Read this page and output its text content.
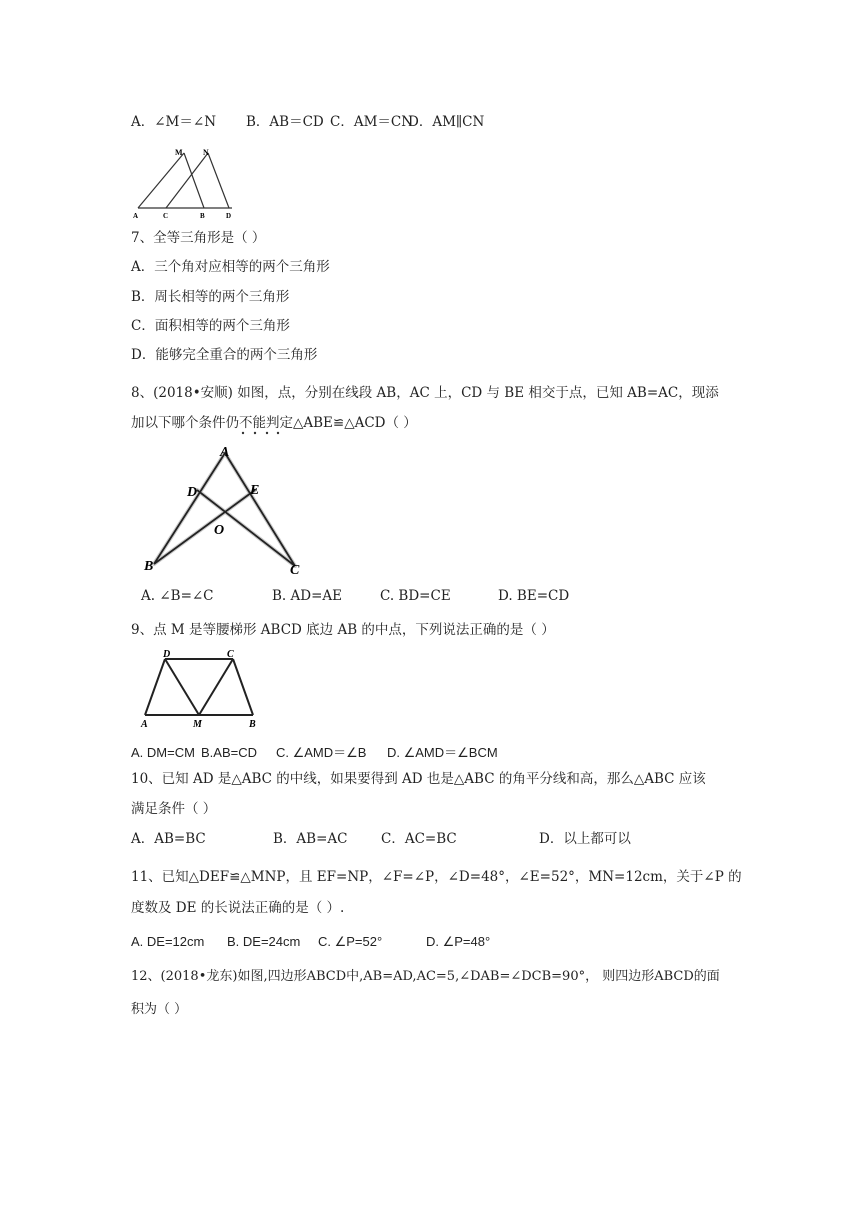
A．∠M＝∠N B．AB＝CD C．AM＝CND．AM∥CN
M	N
A	C	B	D
7、全等三角形是（ ）
A．三个角对应相等的两个三角形
B．周长相等的两个三角形
C．面积相等的两个三角形
D．能够完全重合的两个三角形
8、(2018•安顺) 如图，点，分别在线段 AB，AC 上，CD 与 BE 相交于点，已知 AB=AC，现添
加以下哪个条件仍不能判定△ABE≌△ACD（ ）
A
D	E
O
B	C
A. ∠B=∠C	B. AD=AE	C. BD=CE	D. BE=CD
9、点 M 是等腰梯形 ABCD 底边 AB 的中点，下列说法正确的是（ ）
D	C
A	M	B
A. DM=CM B.AB=CD C. ∠AMD＝∠B D. ∠AMD＝∠BCM
10、已知 AD 是△ABC 的中线，如果要得到 AD 也是△ABC 的角平分线和高，那么△ABC 应该
满足条件（ ）
A．AB=BC	B．AB=AC C．AC=BC	D．以上都可以
11、已知△DEF≌△MNP，且 EF=NP，∠F=∠P，∠D=48°，∠E=52°，MN=12cm，关于∠P 的
度数及 DE 的长说法正确的是（ ）.
A. DE=12cm B. DE=24cm C. ∠P=52°	D. ∠P=48°
12、(2018•龙东)如图,四边形ABCD中,AB=AD,AC=5,∠DAB=∠DCB=90°， 则四边形ABCD的面
积为（ ）
